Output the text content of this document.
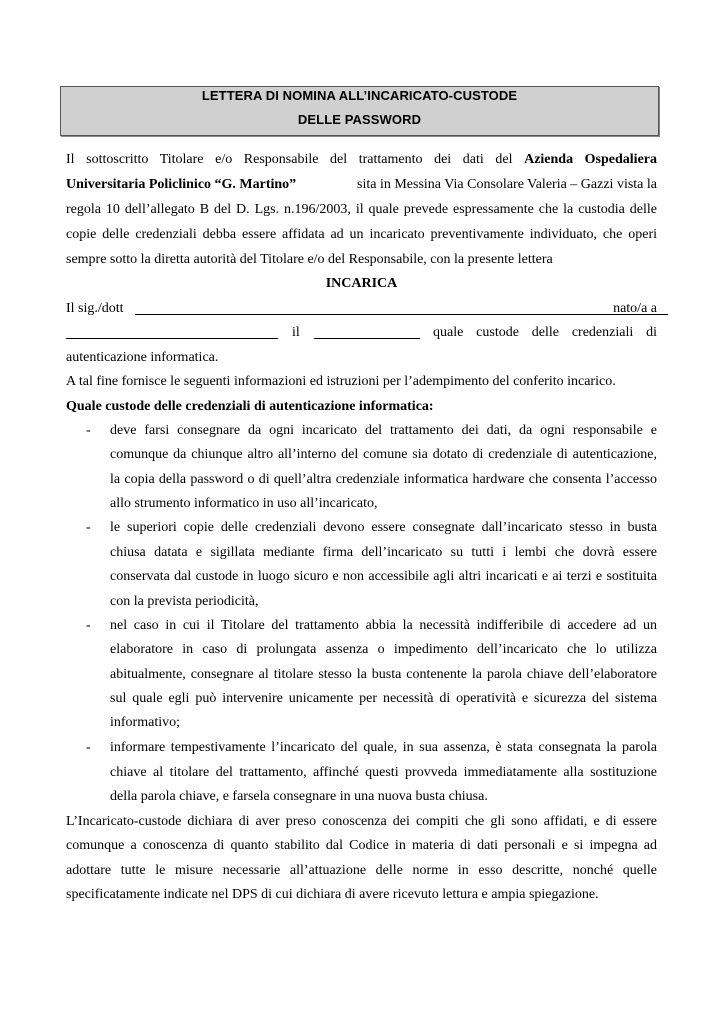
LETTERA DI NOMINA ALL’INCARICATO-CUSTODE
DELLE PASSWORD
Il sottoscritto Titolare e/o Responsabile del trattamento dei dati del Azienda Ospedaliera
Universitaria Policlinico “G. Martino”	sita in Messina Via Consolare Valeria – Gazzi vista la
regola 10 dell’allegato B del D. Lgs. n.196/2003, il quale prevede espressamente che la custodia delle
copie delle credenziali debba essere affidata ad un incaricato preventivamente individuato, che operi
sempre sotto la diretta autorità del Titolare e/o del Responsabile, con la presente lettera
INCARICA
Il sig./dott	nato/a a
il	quale custode delle credenziali di
autenticazione informatica.
A tal fine fornisce le seguenti informazioni ed istruzioni per l’adempimento del conferito incarico.
Quale custode delle credenziali di autenticazione informatica:
- deve farsi consegnare da ogni incaricato del trattamento dei dati, da ogni responsabile e
comunque da chiunque altro all’interno del comune sia dotato di credenziale di autenticazione,
la copia della password o di quell’altra credenziale informatica hardware che consenta l’accesso
allo strumento informatico in uso all’incaricato,
- le superiori copie delle credenziali devono essere consegnate dall’incaricato stesso in busta
chiusa datata e sigillata mediante firma dell’incaricato su tutti i lembi che dovrà essere
conservata dal custode in luogo sicuro e non accessibile agli altri incaricati e ai terzi e sostituita
con la prevista periodicità,
- nel caso in cui il Titolare del trattamento abbia la necessità indifferibile di accedere ad un
elaboratore in caso di prolungata assenza o impedimento dell’incaricato che lo utilizza
abitualmente, consegnare al titolare stesso la busta contenente la parola chiave dell’elaboratore
sul quale egli può intervenire unicamente per necessità di operatività e sicurezza del sistema
informativo;
- informare tempestivamente l’incaricato del quale, in sua assenza, è stata consegnata la parola
chiave al titolare del trattamento, affinché questi provveda immediatamente alla sostituzione
della parola chiave, e farsela consegnare in una nuova busta chiusa.
L’Incaricato-custode dichiara di aver preso conoscenza dei compiti che gli sono affidati, e di essere
comunque a conoscenza di quanto stabilito dal Codice in materia di dati personali e si impegna ad
adottare tutte le misure necessarie all’attuazione delle norme in esso descritte, nonché quelle
specificatamente indicate nel DPS di cui dichiara di avere ricevuto lettura e ampia spiegazione.
